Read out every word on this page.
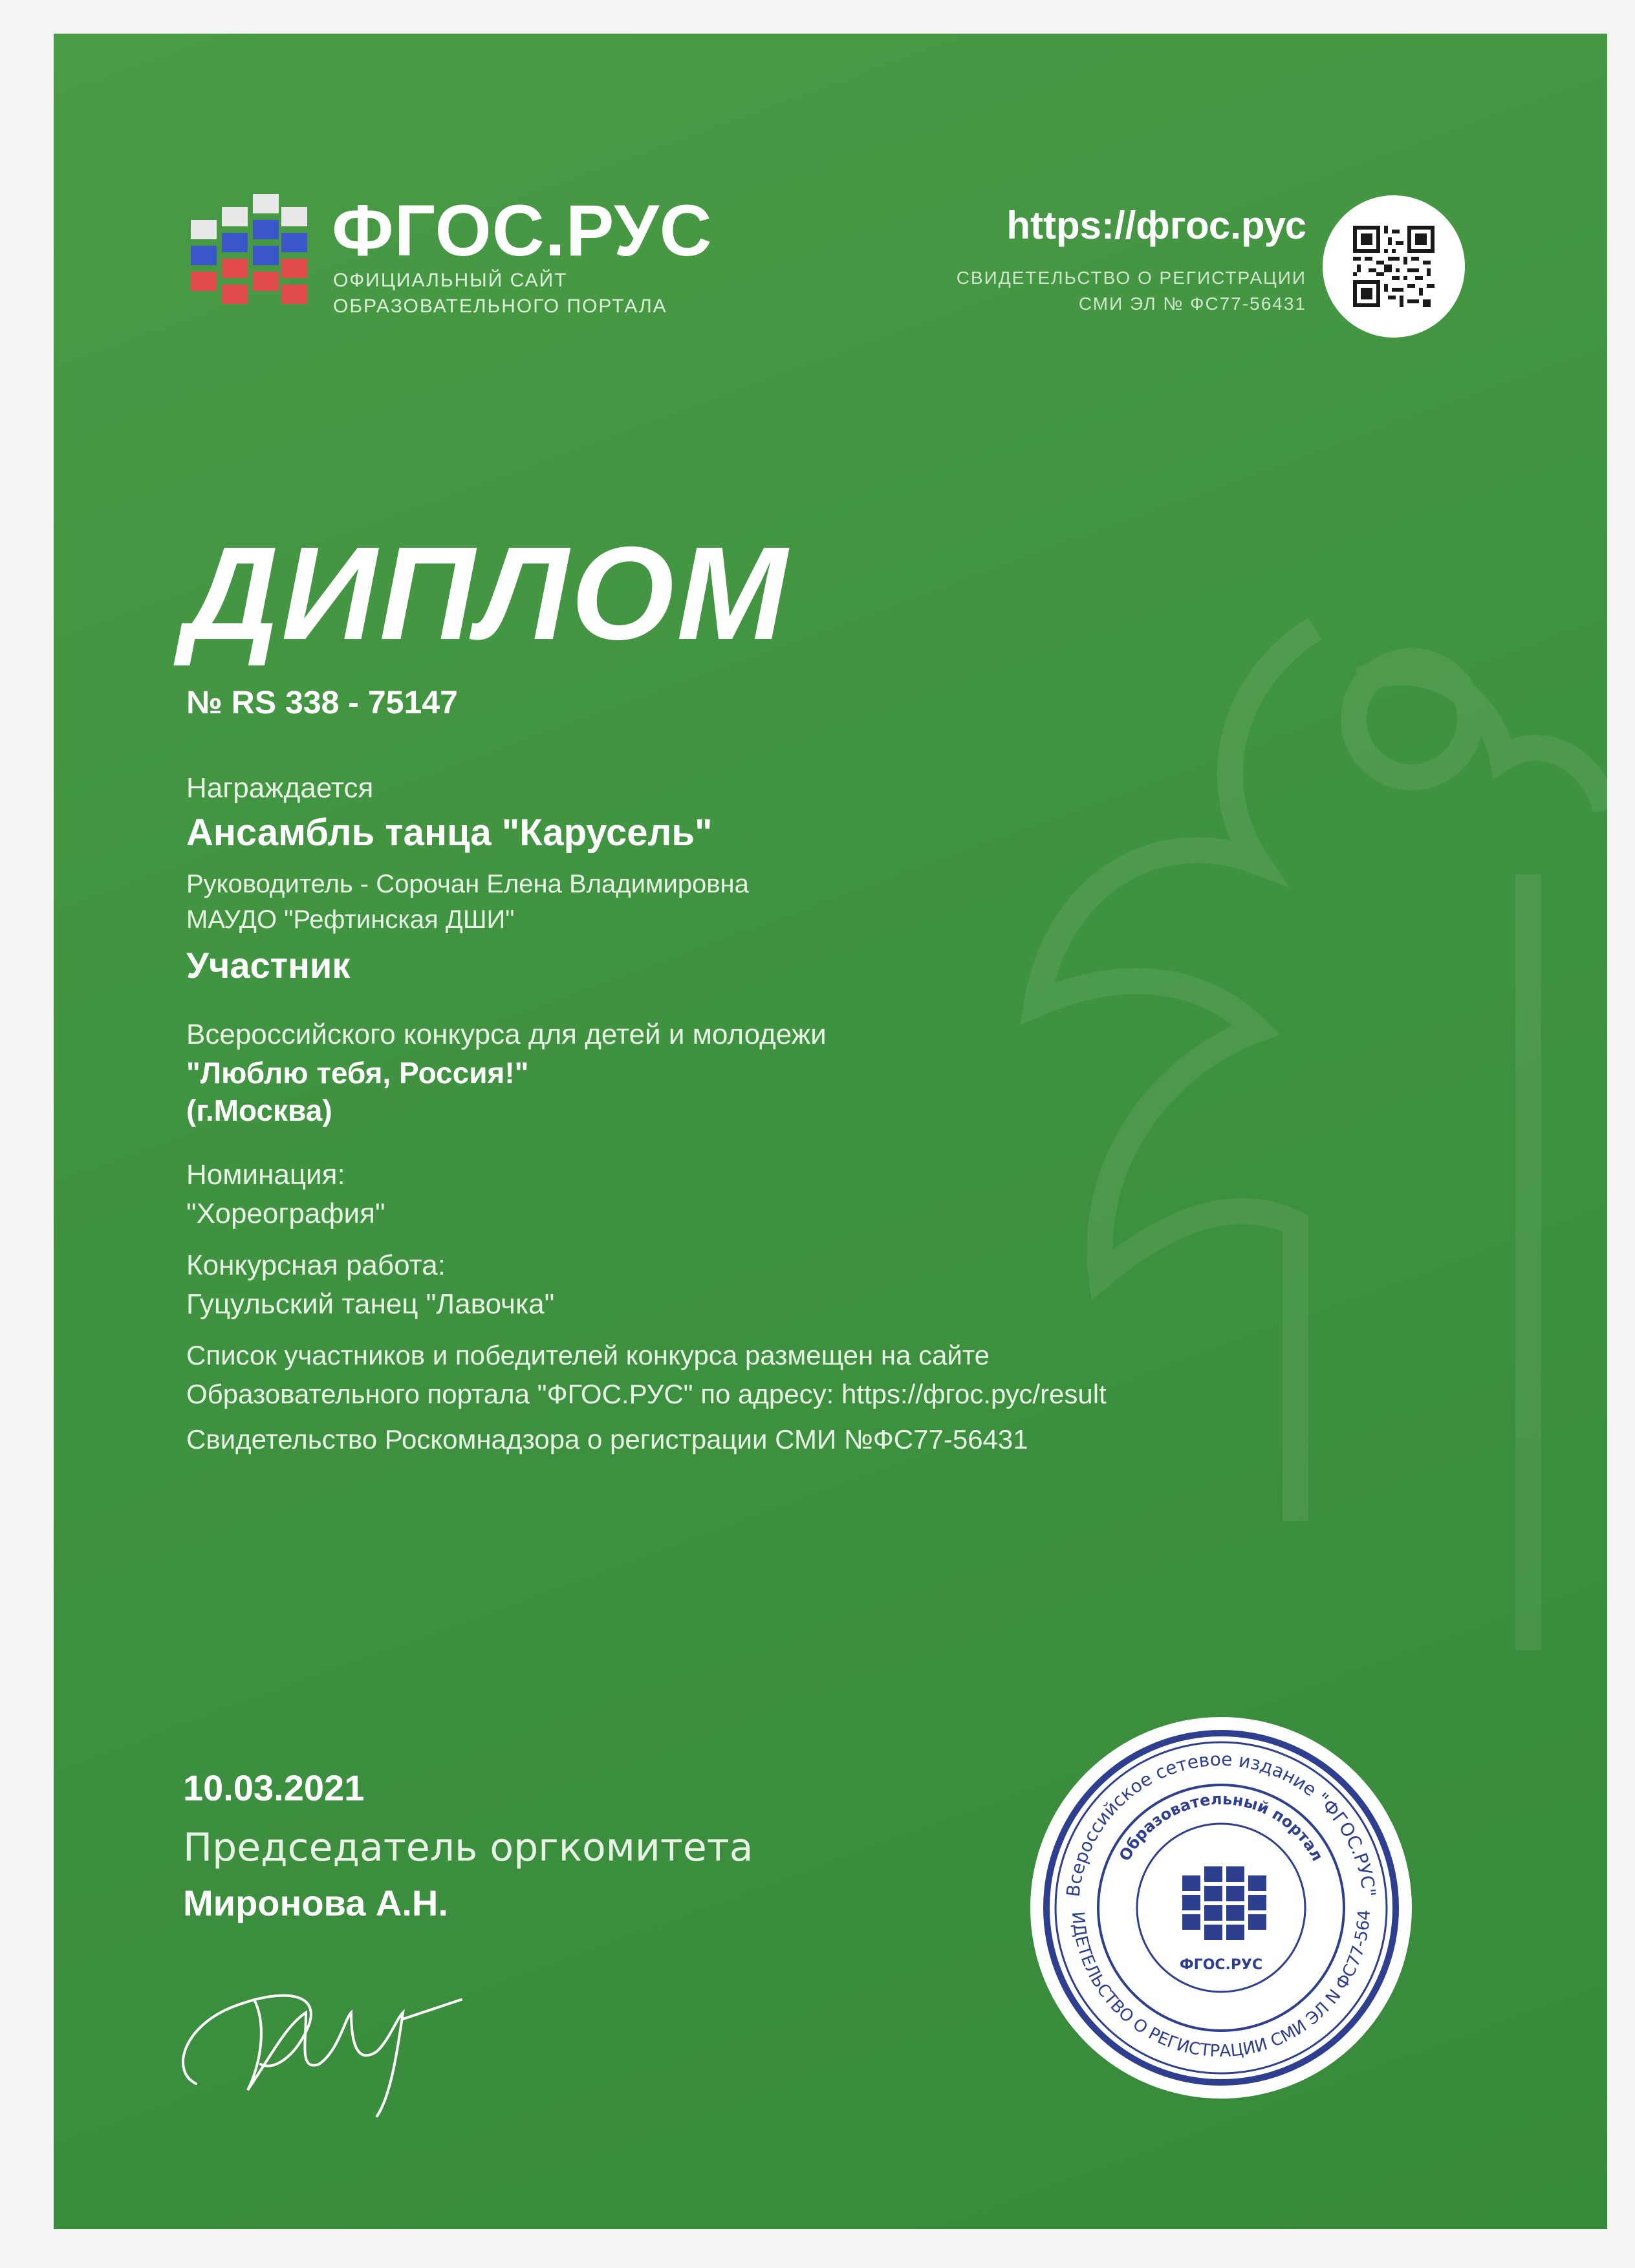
ФГОС.РУС
ОФИЦИАЛЬНЫЙ САЙТ
ОБРАЗОВАТЕЛЬНОГО ПОРТАЛА
https://фгос.рус
СВИДЕТЕЛЬСТВО О РЕГИСТРАЦИИ
СМИ ЭЛ № ФС77-56431
ДИПЛОМ
№ RS 338 - 75147
Награждается
Ансамбль танца "Карусель"
Руководитель - Сорочан Елена Владимировна
МАУДО "Рефтинская ДШИ"
Участник
Всероссийского конкурса для детей и молодежи
"Люблю тебя, Россия!"
(г.Москва)
Номинация:
"Хореография"
Конкурсная работа:
Гуцульский танец "Лавочка"
Список участников и победителей конкурса размещен на сайте
Образовательного портала "ФГОС.РУС" по адресу: https://фгос.рус/result
Свидетельство Роскомнадзора о регистрации СМИ №ФС77-56431
10.03.2021
Председатель оргкомитета
Миронова А.Н.	Всероссийское сетевое издание "ФГОС.РУС"
Образовательный портал
ИДЕТЕЛЬСТВО О РЕГИСТРАЦИИ СМИ ЭЛ N ФС77-564
ФГОС.РУС
